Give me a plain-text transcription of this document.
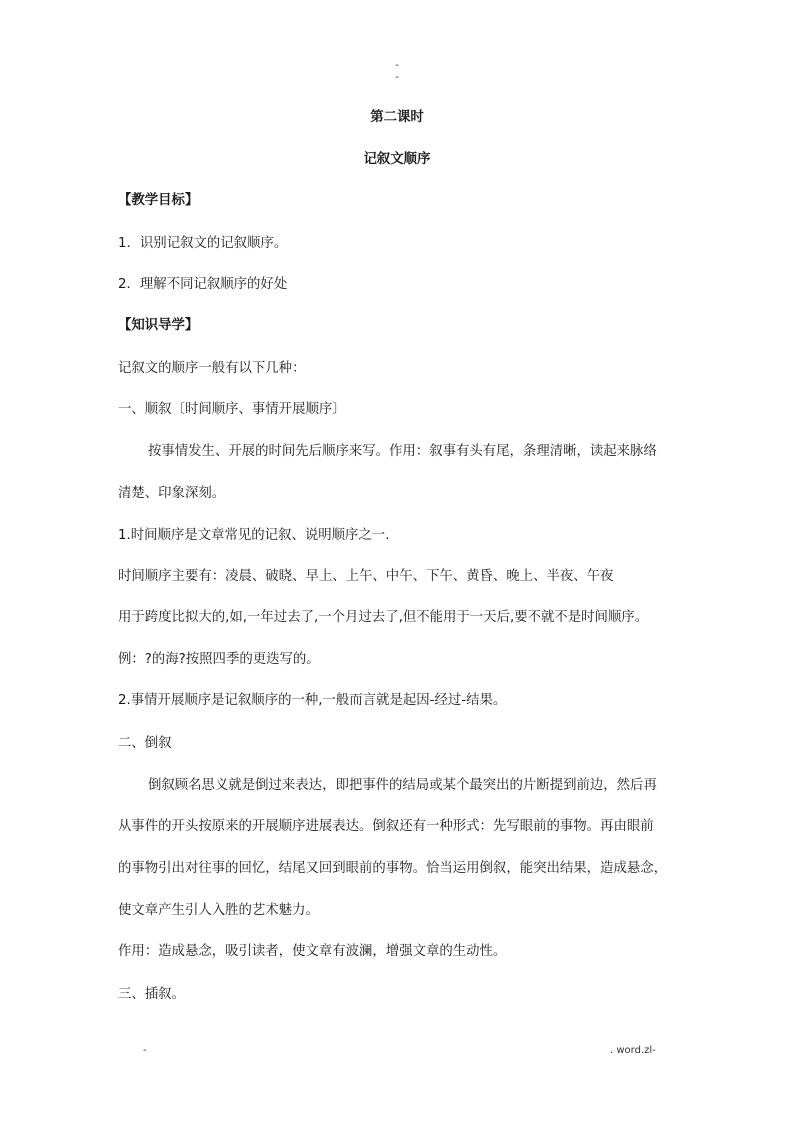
-
-
第二课时
记叙文顺序
【教学目标】
1．识别记叙文的记叙顺序。
2．理解不同记叙顺序的好处
【知识导学】
记叙文的顺序一般有以下几种：
一、顺叙〔时间顺序、事情开展顺序〕
按事情发生、开展的时间先后顺序来写。作用：叙事有头有尾，条理清晰，读起来脉络
清楚、印象深刻。
1.时间顺序是文章常见的记叙、说明顺序之一.
时间顺序主要有：凌晨、破晓、早上、上午、中午、下午、黄昏、晚上、半夜、午夜
用于跨度比拟大的,如,一年过去了,一个月过去了,但不能用于一天后,要不就不是时间顺序。
例：?的海?按照四季的更迭写的。
2.事情开展顺序是记叙顺序的一种,一般而言就是起因-经过-结果。
二、倒叙
倒叙顾名思义就是倒过来表达，即把事件的结局或某个最突出的片断提到前边，然后再
从事件的开头按原来的开展顺序进展表达。倒叙还有一种形式：先写眼前的事物。再由眼前
的事物引出对往事的回忆，结尾又回到眼前的事物。恰当运用倒叙，能突出结果，造成悬念，
使文章产生引人入胜的艺术魅力。
作用：造成悬念，吸引读者，使文章有波澜，增强文章的生动性。
三、插叙。
-	. word.zl-
